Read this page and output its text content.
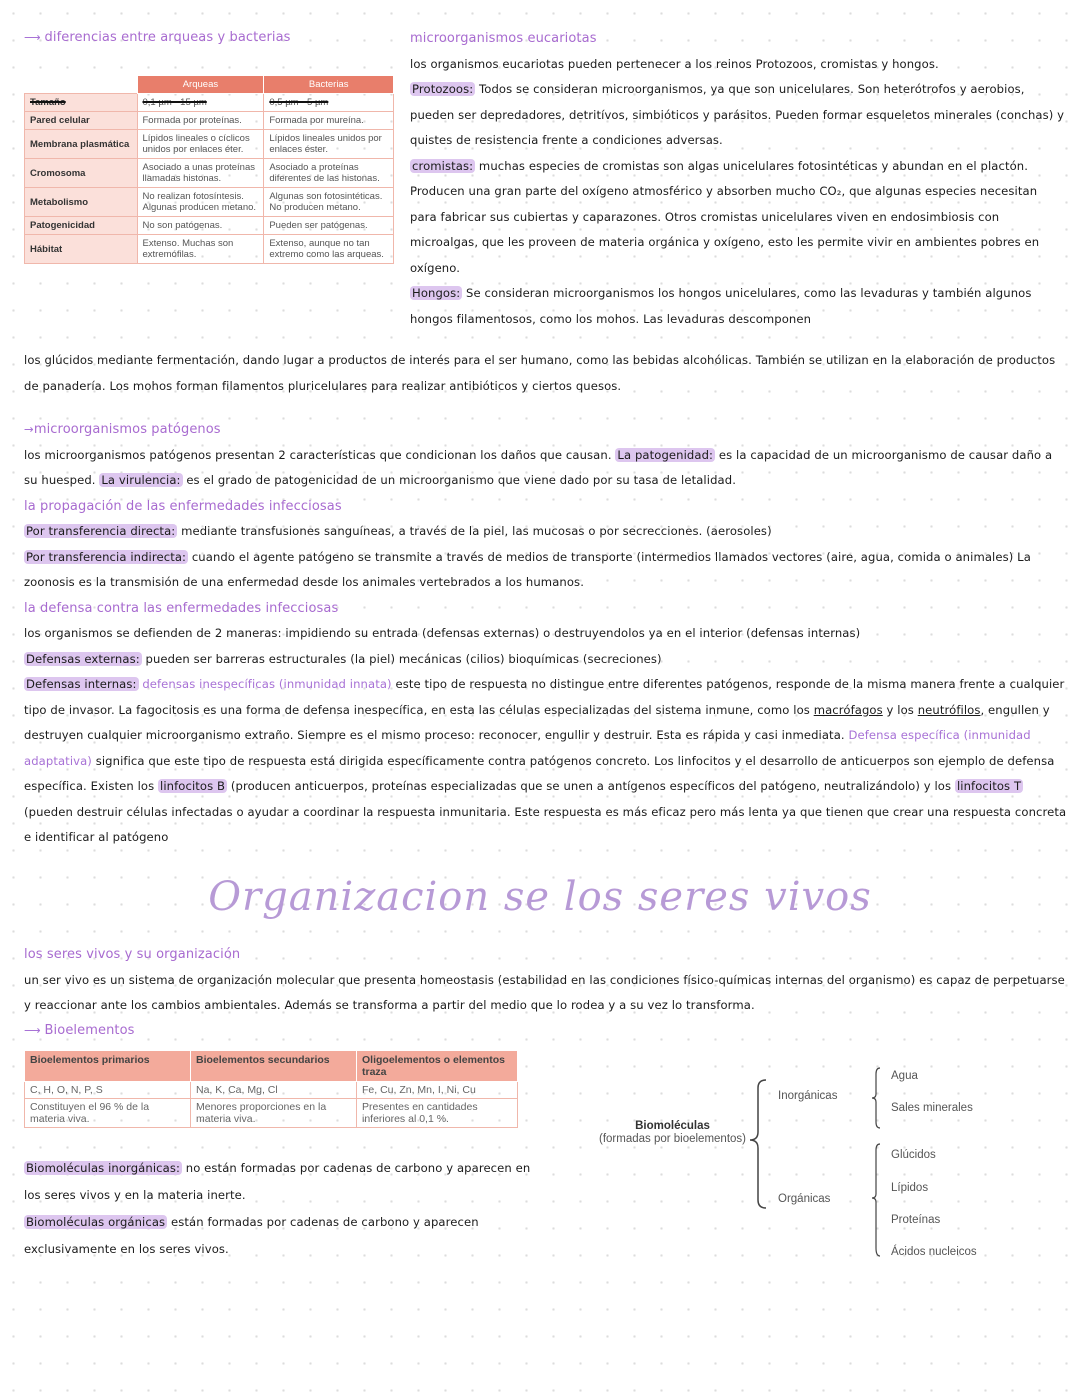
⟶ diferencias entre arqueas y bacterias
	Arqueas	Bacterias
Tamaño	0,1 µm - 15 µm	0,5 µm - 5 µm
Pared celular	Formada por proteínas.	Formada por mureína.
Membrana plasmática	Lípidos lineales o cíclicos unidos por enlaces éter.	Lípidos lineales unidos por enlaces éster.
Cromosoma	Asociado a unas proteínas llamadas histonas.	Asociado a proteínas diferentes de las histonas.
Metabolismo	No realizan fotosíntesis. Algunas producen metano.	Algunas son fotosintéticas. No producen metano.
Patogenicidad	No son patógenas.	Pueden ser patógenas.
Hábitat	Extenso. Muchas son extremófilas.	Extenso, aunque no tan extremo como las arqueas.

microorganismos eucariotas

los organismos eucariotas pueden pertenecer a los reinos Protozoos, cromistas y hongos.

Protozoos: Todos se consideran microorganismos, ya que son unicelulares. Son heterótrofos y aerobios, pueden ser depredadores, detritívos, simbióticos y parásitos. Pueden formar esqueletos minerales (conchas) y quistes de resistencia frente a condiciones adversas.

cromistas: muchas especies de cromistas son algas unicelulares fotosintéticas y abundan en el plactón. Producen una gran parte del oxígeno atmosférico y absorben mucho CO₂, que algunas especies necesitan para fabricar sus cubiertas y caparazones. Otros cromistas unicelulares viven en endosimbiosis con microalgas, que les proveen de materia orgánica y oxígeno, esto les permite vivir en ambientes pobres en oxígeno.

Hongos: Se consideran microorganismos los hongos unicelulares, como las levaduras y también algunos hongos filamentosos, como los mohos. Las levaduras descomponen

los glúcidos mediante fermentación, dando lugar a productos de interés para el ser humano, como las bebidas alcohólicas. También se utilizan en la elaboración de productos de panadería. Los mohos forman filamentos pluricelulares para realizar antibióticos y ciertos quesos.

→microorganismos patógenos

los microorganismos patógenos presentan 2 características que condicionan los daños que causan. La patogenidad: es la capacidad de un microorganismo de causar daño a su huesped. La virulencia: es el grado de patogenicidad de un microorganismo que viene dado por su tasa de letalidad.

la propagación de las enfermedades infecciosas

Por transferencia directa: mediante transfusiones sanguíneas, a través de la piel, las mucosas o por secrecciones. (aerosoles)

Por transferencia indirecta: cuando el agente patógeno se transmite a través de medios de transporte (intermedios llamados vectores (aire, agua, comida o animales) La zoonosis es la transmisión de una enfermedad desde los animales vertebrados a los humanos.

la defensa contra las enfermedades infecciosas

los organismos se defienden de 2 maneras: impidiendo su entrada (defensas externas) o destruyendolos ya en el interior (defensas internas)

Defensas externas: pueden ser barreras estructurales (la piel) mecánicas (cilios) bioquímicas (secreciones)

Defensas internas: defensas inespecíficas (inmunidad innata) este tipo de respuesta no distingue entre diferentes patógenos, responde de la misma manera frente a cualquier tipo de invasor. La fagocitosis es una forma de defensa inespecífica, en esta las células especializadas del sistema inmune, como los macrófagos y los neutrófilos, engullen y destruyen cualquier microorganismo extraño. Siempre es el mismo proceso: reconocer, engullir y destruir. Esta es rápida y casi inmediata. Defensa específica (inmunidad adaptativa) significa que este tipo de respuesta está dirigida específicamente contra patógenos concreto. Los linfocitos y el desarrollo de anticuerpos son ejemplo de defensa específica. Existen los linfocitos B (producen anticuerpos, proteínas especializadas que se unen a antígenos específicos del patógeno, neutralizándolo) y los linfocitos T (pueden destruir células infectadas o ayudar a coordinar la respuesta inmunitaria. Este respuesta es más eficaz pero más lenta ya que tienen que crear una respuesta concreta e identificar al patógeno

Organizacion se los seres vivos

los seres vivos y su organización

un ser vivo es un sistema de organización molecular que presenta homeostasis (estabilidad en las condiciones físico-químicas internas del organismo) es capaz de perpetuarse y reaccionar ante los cambios ambientales. Además se transforma a partir del medio que lo rodea y a su vez lo transforma.

⟶ Bioelementos

Bioelementos primarios	Bioelementos secundarios	Oligoelementos o elementos traza
C, H, O, N, P, S	Na, K, Ca, Mg, Cl	Fe, Cu, Zn, Mn, I, Ni, Cu
Constituyen el 96 % de la materia viva.	Menores proporciones en la materia viva.	Presentes en cantidades inferiores al 0,1 %.

Biomoléculas inorgánicas: no están formadas por cadenas de carbono y aparecen en los seres vivos y en la materia inerte.

Biomoléculas orgánicas están formadas por cadenas de carbono y aparecen exclusivamente en los seres vivos.

Biomoléculas
(formadas por bioelementos)
Inorgánicas
Orgánicas
Agua
Sales minerales
Glúcidos
Lípidos
Proteínas
Ácidos nucleicos
